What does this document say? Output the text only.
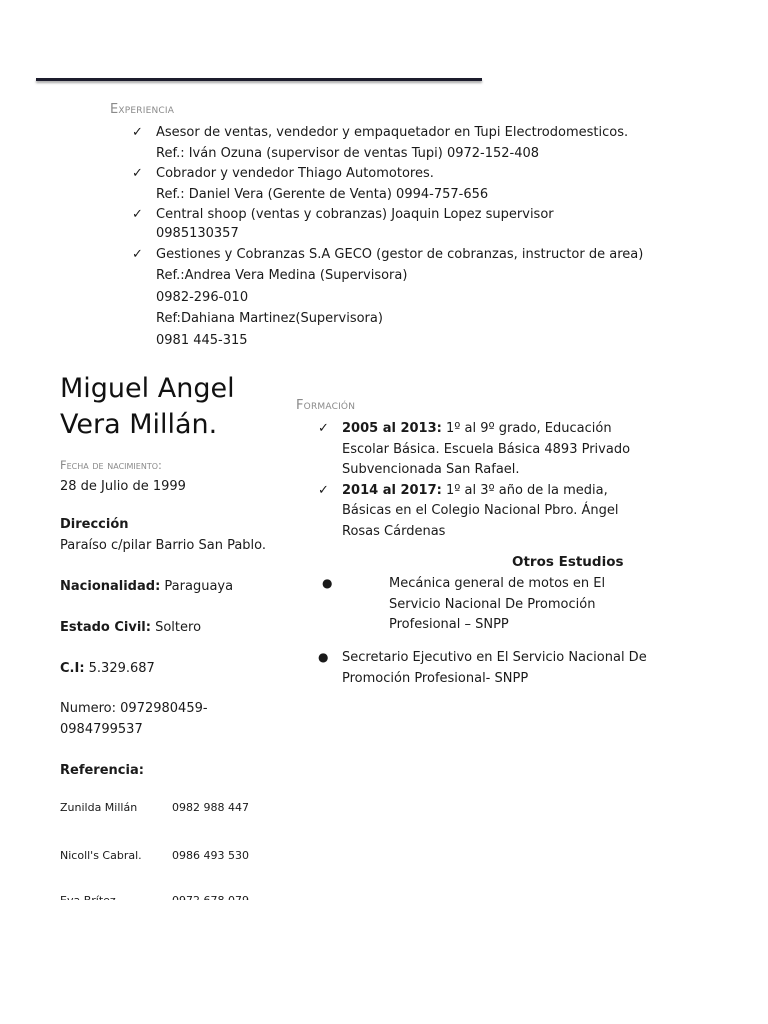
Experiencia
✓ Asesor de ventas, vendedor y empaquetador en Tupi Electrodomesticos.
Ref.: Iván Ozuna (supervisor de ventas Tupi) 0972-152-408
✓ Cobrador y vendedor Thiago Automotores.
Ref.: Daniel Vera (Gerente de Venta) 0994-757-656
✓ Central shoop (ventas y cobranzas) Joaquin Lopez supervisor
0985130357
✓ Gestiones y Cobranzas S.A GECO (gestor de cobranzas, instructor de area)
Ref.:Andrea Vera Medina (Supervisora)
0982-296-010
Ref:Dahiana Martinez(Supervisora)
0981 445-315
Miguel Angel
Vera Millán.
Fecha de nacimiento:
28 de Julio de 1999
Dirección
Paraíso c/pilar Barrio San Pablo.
Nacionalidad: Paraguaya
Estado Civil: Soltero
C.I: 5.329.687
Numero: 0972980459-
0984799537
Referencia:
Zunilda Millán	0982 988 447
Nicoll's Cabral.	0986 493 530
Formación
✓ 2005 al 2013: 1º al 9º grado, Educación Escolar Básica. Escuela Básica 4893 Privado Subvencionada San Rafael.
✓ 2014 al 2017: 1º al 3º año de la media, Básicas en el Colegio Nacional Pbro. Ángel Rosas Cárdenas
Otros Estudios
●	Mecánica general de motos en El Servicio Nacional De Promoción Profesional – SNPP
● Secretario Ejecutivo en El Servicio Nacional De Promoción Profesional- SNPP
